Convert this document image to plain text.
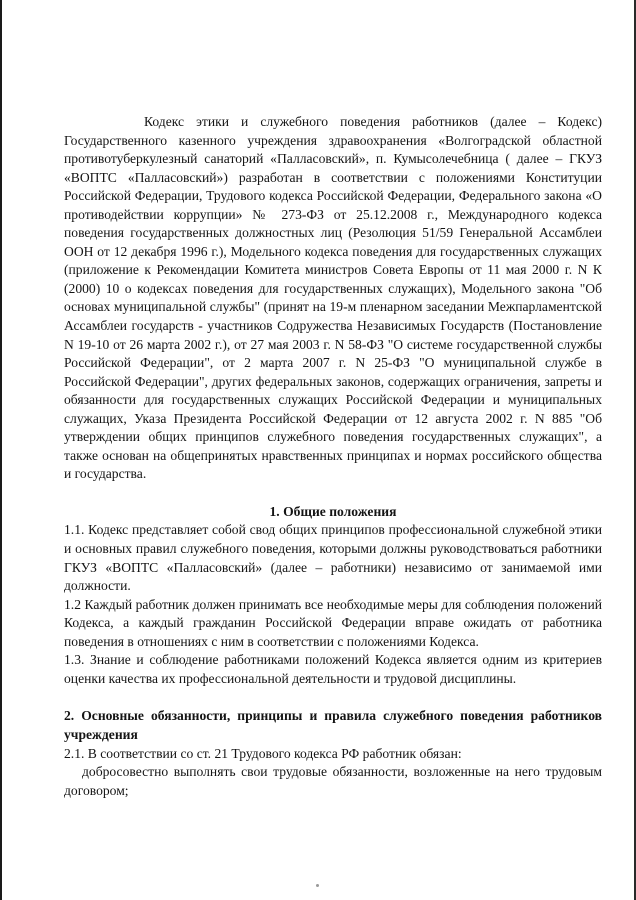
Кодекс этики и служебного поведения работников (далее – Кодекс) Государственного казенного учреждения здравоохранения «Волгоградской областной противотуберкулезный санаторий «Палласовский», п. Кумысолечебница ( далее – ГКУЗ «ВОПТС «Палласовский») разработан в соответствии с положениями Конституции Российской Федерации, Трудового кодекса Российской Федерации, Федерального закона «О противодействии коррупции» № 273-ФЗ от 25.12.2008 г., Международного кодекса поведения государственных должностных лиц (Резолюция 51/59 Генеральной Ассамблеи ООН от 12 декабря 1996 г.), Модельного кодекса поведения для государственных служащих (приложение к Рекомендации Комитета министров Совета Европы от 11 мая 2000 г. N К (2000) 10 о кодексах поведения для государственных служащих), Модельного закона "Об основах муниципальной службы" (принят на 19-м пленарном заседании Межпарламентской Ассамблеи государств - участников Содружества Независимых Государств (Постановление N 19-10 от 26 марта 2002 г.), от 27 мая 2003 г. N 58-ФЗ "О системе государственной службы Российской Федерации", от 2 марта 2007 г. N 25-ФЗ "О муниципальной службе в Российской Федерации", других федеральных законов, содержащих ограничения, запреты и обязанности для государственных служащих Российской Федерации и муниципальных служащих, Указа Президента Российской Федерации от 12 августа 2002 г. N 885 "Об утверждении общих принципов служебного поведения государственных служащих", а также основан на общепринятых нравственных принципах и нормах российского общества и государства.

1. Общие положения

1.1. Кодекс представляет собой свод общих принципов профессиональной служебной этики и основных правил служебного поведения, которыми должны руководствоваться работники ГКУЗ «ВОПТС «Палласовский» (далее – работники) независимо от занимаемой ими должности.

1.2 Каждый работник должен принимать все необходимые меры для соблюдения положений Кодекса, а каждый гражданин Российской Федерации вправе ожидать от работника поведения в отношениях с ним в соответствии с положениями Кодекса.

1.3. Знание и соблюдение работниками положений Кодекса является одним из критериев оценки качества их профессиональной деятельности и трудовой дисциплины.

2. Основные обязанности, принципы и правила служебного поведения работников учреждения

2.1. В соответствии со ст. 21 Трудового кодекса РФ работник обязан:

добросовестно выполнять свои трудовые обязанности, возложенные на него трудовым договором;
